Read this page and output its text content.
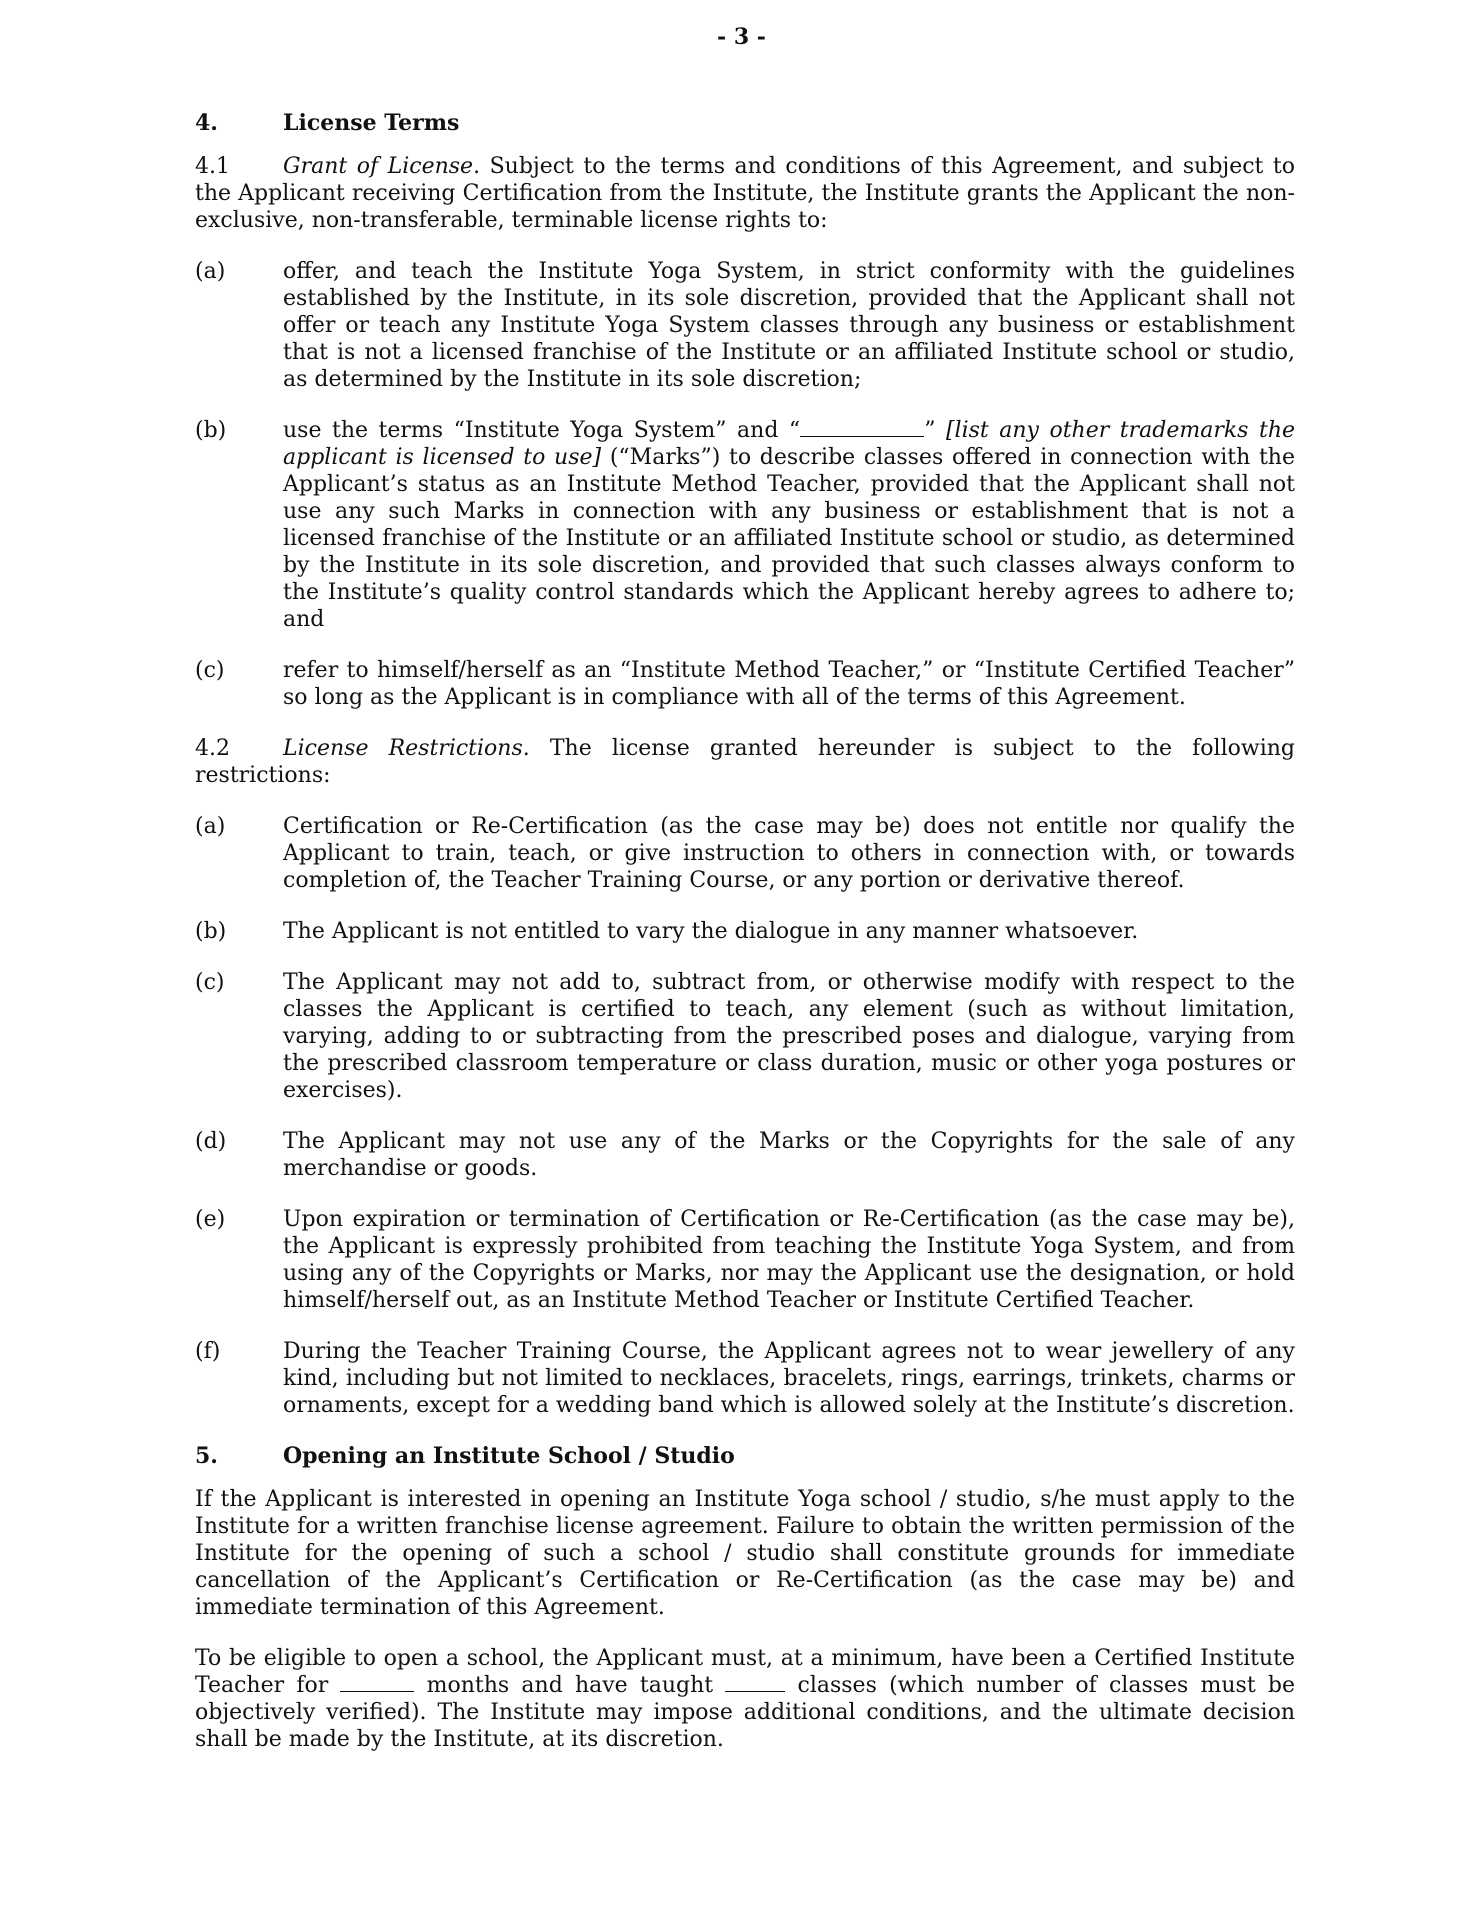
- 3 -
4.	License Terms

4.1 Grant of License. Subject to the terms and conditions of this Agreement, and subject to the Applicant receiving Certification from the Institute, the Institute grants the Applicant the non-exclusive, non-transferable, terminable license rights to:

(a)	offer, and teach the Institute Yoga System, in strict conformity with the guidelines established by the Institute, in its sole discretion, provided that the Applicant shall not offer or teach any Institute Yoga System classes through any business or establishment that is not a licensed franchise of the Institute or an affiliated Institute school or studio, as determined by the Institute in its sole discretion;
(b)	use the terms “Institute Yoga System” and “	” [list any other trademarks the applicant is licensed to use] (“Marks”) to describe classes offered in connection with the Applicant’s status as an Institute Method Teacher, provided that the Applicant shall not use any such Marks in connection with any business or establishment that is not a licensed franchise of the Institute or an affiliated Institute school or studio, as determined by the Institute in its sole discretion, and provided that such classes always conform to the Institute’s quality control standards which the Applicant hereby agrees to adhere to; and
(c)	refer to himself/herself as an “Institute Method Teacher,” or “Institute Certified Teacher” so long as the Applicant is in compliance with all of the terms of this Agreement.

4.2 License Restrictions. The license granted hereunder is subject to the following restrictions:

(a)	Certification or Re-Certification (as the case may be) does not entitle nor qualify the Applicant to train, teach, or give instruction to others in connection with, or towards completion of, the Teacher Training Course, or any portion or derivative thereof.
(b)	The Applicant is not entitled to vary the dialogue in any manner whatsoever.
(c)	The Applicant may not add to, subtract from, or otherwise modify with respect to the classes the Applicant is certified to teach, any element (such as without limitation, varying, adding to or subtracting from the prescribed poses and dialogue, varying from the prescribed classroom temperature or class duration, music or other yoga postures or exercises).
(d)	The Applicant may not use any of the Marks or the Copyrights for the sale of any merchandise or goods.
(e)	Upon expiration or termination of Certification or Re-Certification (as the case may be), the Applicant is expressly prohibited from teaching the Institute Yoga System, and from using any of the Copyrights or Marks, nor may the Applicant use the designation, or hold himself/herself out, as an Institute Method Teacher or Institute Certified Teacher.
(f)	During the Teacher Training Course, the Applicant agrees not to wear jewellery of any kind, including but not limited to necklaces, bracelets, rings, earrings, trinkets, charms or ornaments, except for a wedding band which is allowed solely at the Institute’s discretion.
5.	Opening an Institute School / Studio

If the Applicant is interested in opening an Institute Yoga school / studio, s/he must apply to the Institute for a written franchise license agreement. Failure to obtain the written permission of the Institute for the opening of such a school / studio shall constitute grounds for immediate cancellation of the Applicant’s Certification or Re-Certification (as the case may be) and immediate termination of this Agreement.

To be eligible to open a school, the Applicant must, at a minimum, have been a Certified Institute Teacher for	months and have taught	classes (which number of classes must be objectively verified). The Institute may impose additional conditions, and the ultimate decision shall be made by the Institute, at its discretion.
